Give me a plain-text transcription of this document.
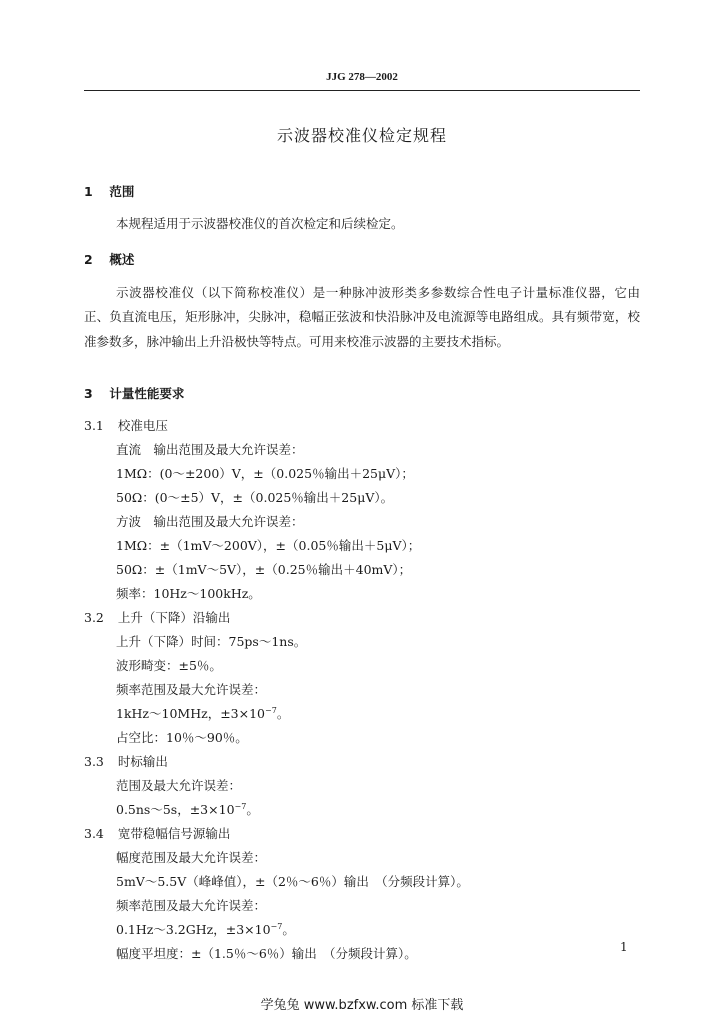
JJG 278—2002
示波器校准仪检定规程
1 范围
本规程适用于示波器校准仪的首次检定和后续检定。
2 概述
示波器校准仪（以下简称校准仪）是一种脉冲波形类多参数综合性电子计量标准仪器，它由正、负直流电压，矩形脉冲，尖脉冲，稳幅正弦波和快沿脉冲及电流源等电路组成。具有频带宽，校准参数多，脉冲输出上升沿极快等特点。可用来校准示波器的主要技术指标。
3 计量性能要求
3.1 校准电压
直流　输出范围及最大允许误差：
1MΩ：(0～±200）V，±（0.025％输出＋25μV）；
50Ω：(0～±5）V，±（0.025％输出＋25μV）。
方波　输出范围及最大允许误差：
1MΩ：±（1mV～200V），±（0.05％输出＋5μV）；
50Ω：±（1mV～5V），±（0.25％输出＋40mV）；
频率：10Hz～100kHz。
3.2 上升（下降）沿输出
上升（下降）时间：75ps～1ns。
波形畸变：±5％。
频率范围及最大允许误差：
1kHz～10MHz，$\pm 3\times 10^{-7}$。
占空比：10％～90％。
3.3 时标输出
范围及最大允许误差：
0.5ns～5s，$\pm 3\times 10^{-7}$。
3.4 宽带稳幅信号源输出
幅度范围及最大允许误差：
5mV～5.5V（峰峰值），±（2％～6％）输出　（分频段计算）。
频率范围及最大允许误差：
0.1Hz～3.2GHz，$\pm 3\times 10^{-7}$。
幅度平坦度：±（1.5％～6％）输出　（分频段计算）。	1
学兔兔 www.bzfxw.com 标准下载
